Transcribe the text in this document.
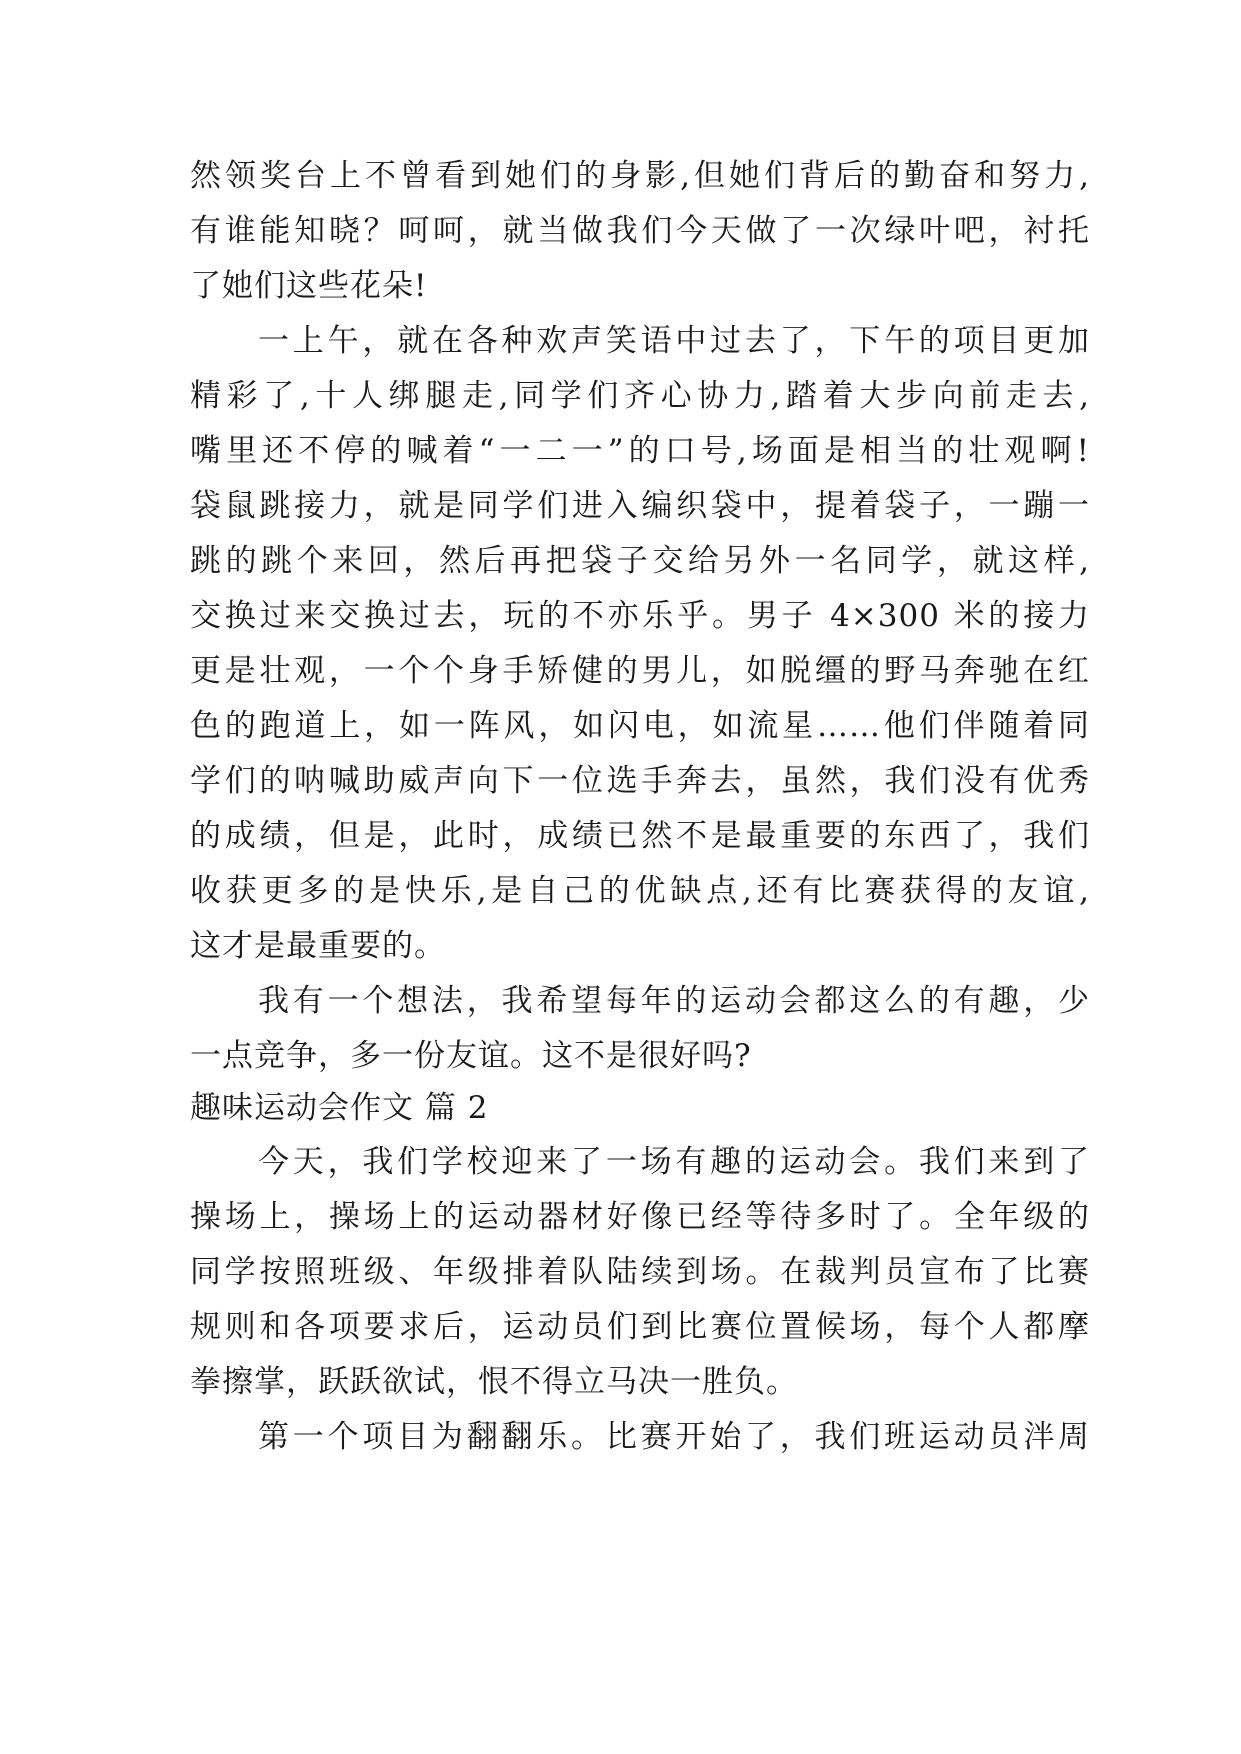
然领奖台上不曾看到她们的身影,但她们背后的勤奋和努力,
有谁能知晓？呵呵，就当做我们今天做了一次绿叶吧，衬托
了她们这些花朵!
一上午，就在各种欢声笑语中过去了，下午的项目更加
精彩了,十人绑腿走,同学们齐心协力,踏着大步向前走去,
嘴里还不停的喊着“一二一”的口号,场面是相当的壮观啊!
袋鼠跳接力，就是同学们进入编织袋中，提着袋子，一蹦一
跳的跳个来回，然后再把袋子交给另外一名同学，就这样,
交换过来交换过去，玩的不亦乐乎。男子 4×300 米的接力
更是壮观，一个个身手矫健的男儿，如脱缰的野马奔驰在红
色的跑道上，如一阵风，如闪电，如流星……他们伴随着同
学们的呐喊助威声向下一位选手奔去，虽然，我们没有优秀
的成绩，但是，此时，成绩已然不是最重要的东西了，我们
收获更多的是快乐,是自己的优缺点,还有比赛获得的友谊,
这才是最重要的。
我有一个想法，我希望每年的运动会都这么的有趣，少
一点竞争，多一份友谊。这不是很好吗?
趣味运动会作文 篇 2
今天，我们学校迎来了一场有趣的运动会。我们来到了
操场上，操场上的运动器材好像已经等待多时了。全年级的
同学按照班级、年级排着队陆续到场。在裁判员宣布了比赛
规则和各项要求后，运动员们到比赛位置候场，每个人都摩
拳擦掌，跃跃欲试，恨不得立马决一胜负。
第一个项目为翻翻乐。比赛开始了，我们班运动员泮周
